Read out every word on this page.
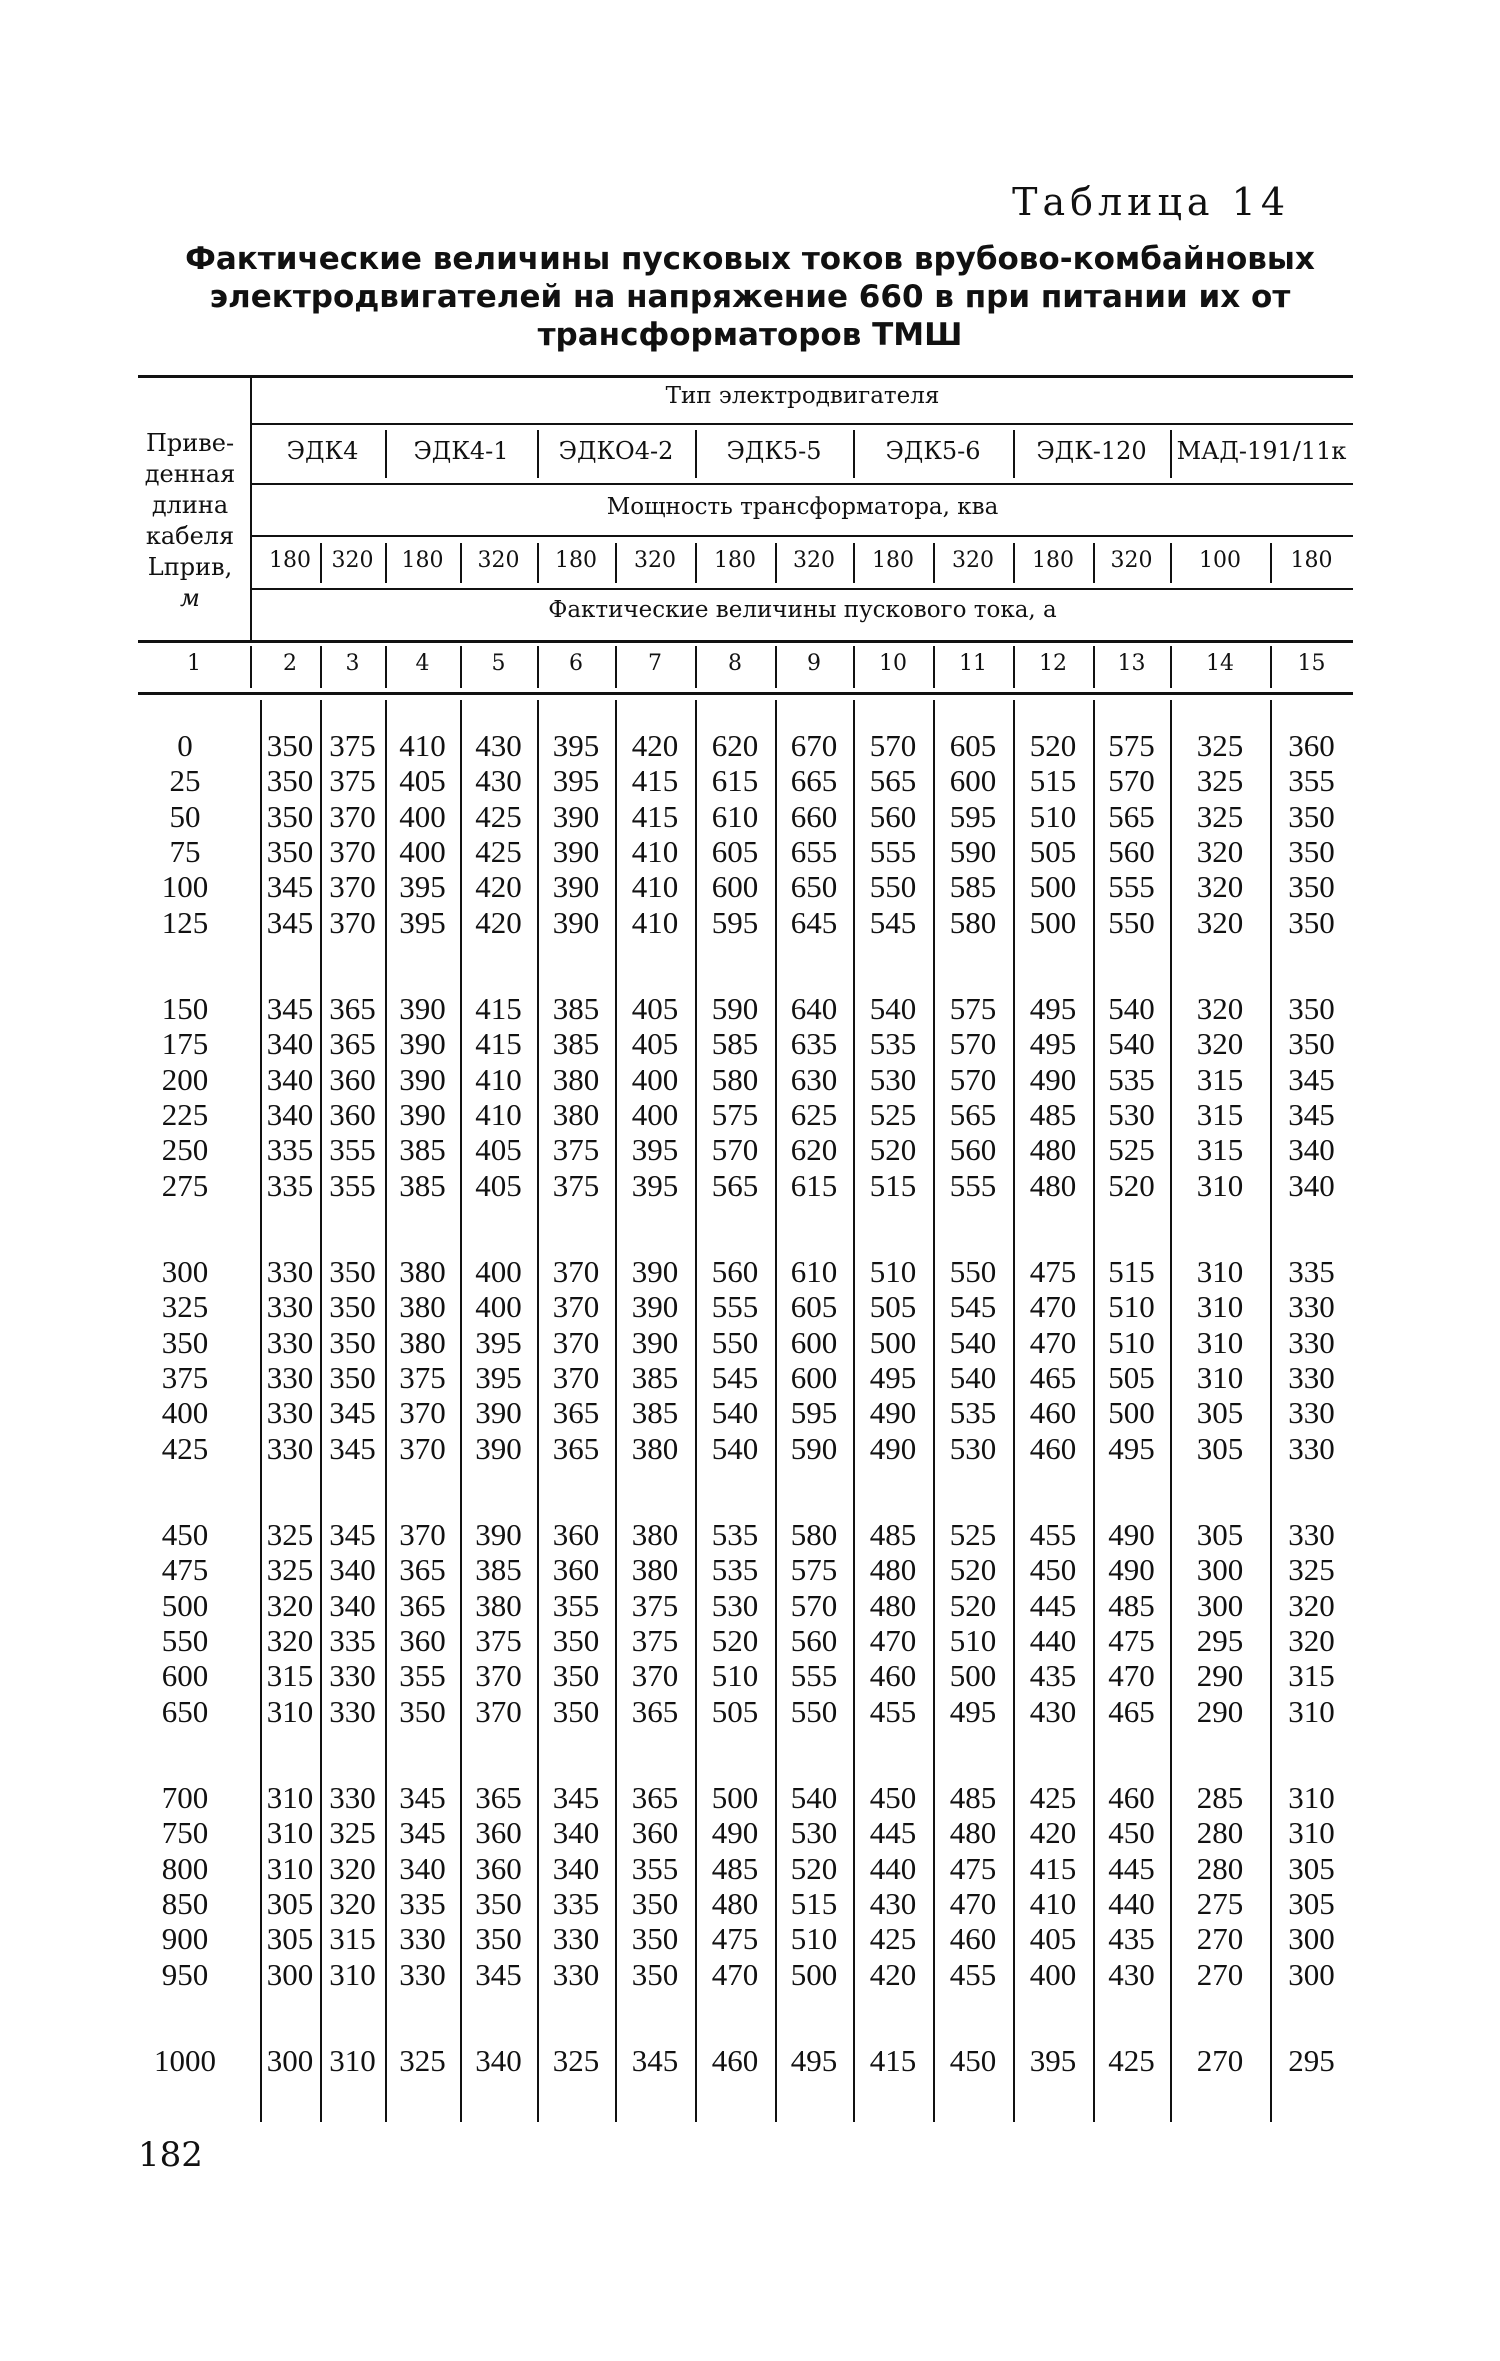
Таблица 14
Фактические величины пусковых токов врубово-комбайновых
электродвигателей на напряжение 660 в при питании их от
трансформаторов ТМШ
Приве-
денная
длина
кабеля
Lприв,
м
Тип электродвигателя
Мощность трансформатора, ква
Фактические величины пускового тока, а
ЭДК4	ЭДК4-1	ЭДКО4-2	ЭДК5-5	ЭДК5-6	ЭДК-120	МАД-191/11к
180 320	180	320	180	320	180	320	180	320	180	320	100	180
1	2	3	4	5	6	7	8	9	10	11	12	13	14	15
0	350 375 410 430	395	420	620	670	570	605	520	575	325	360
25	350 375 405 430	395	415	615	665	565	600	515	570	325	355
50	350 370 400 425	390	415	610	660	560	595	510	565	325	350
75	350 370 400 425	390	410	605	655	555	590	505	560	320	350
100	345 370 395 420	390	410	600	650	550	585	500	555	320	350
125	345 370 395 420	390	410	595	645	545	580	500	550	320	350
150	345 365 390 415	385	405	590	640	540	575	495	540	320	350
175	340 365 390 415	385	405	585	635	535	570	495	540	320	350
200	340 360 390 410	380	400	580	630	530	570	490	535	315	345
225	340 360 390 410	380	400	575	625	525	565	485	530	315	345
250	335 355 385 405	375	395	570	620	520	560	480	525	315	340
275	335 355 385 405	375	395	565	615	515	555	480	520	310	340
300	330 350 380 400	370	390	560	610	510	550	475	515	310	335
325	330 350 380 400	370	390	555	605	505	545	470	510	310	330
350	330 350 380 395	370	390	550	600	500	540	470	510	310	330
375	330 350 375 395	370	385	545	600	495	540	465	505	310	330
400	330 345 370 390	365	385	540	595	490	535	460	500	305	330
425	330 345 370 390	365	380	540	590	490	530	460	495	305	330
450	325 345 370 390	360	380	535	580	485	525	455	490	305	330
475	325 340 365 385	360	380	535	575	480	520	450	490	300	325
500	320 340 365 380	355	375	530	570	480	520	445	485	300	320
550	320 335 360 375	350	375	520	560	470	510	440	475	295	320
600	315 330 355 370	350	370	510	555	460	500	435	470	290	315
650	310 330 350 370	350	365	505	550	455	495	430	465	290	310
700	310 330 345 365	345	365	500	540	450	485	425	460	285	310
750	310 325 345 360	340	360	490	530	445	480	420	450	280	310
800	310 320 340 360	340	355	485	520	440	475	415	445	280	305
850	305 320 335 350	335	350	480	515	430	470	410	440	275	305
900	305 315 330 350	330	350	475	510	425	460	405	435	270	300
950	300 310 330 345	330	350	470	500	420	455	400	430	270	300
1000	300 310 325 340	325	345	460	495	415	450	395	425	270	295
182
